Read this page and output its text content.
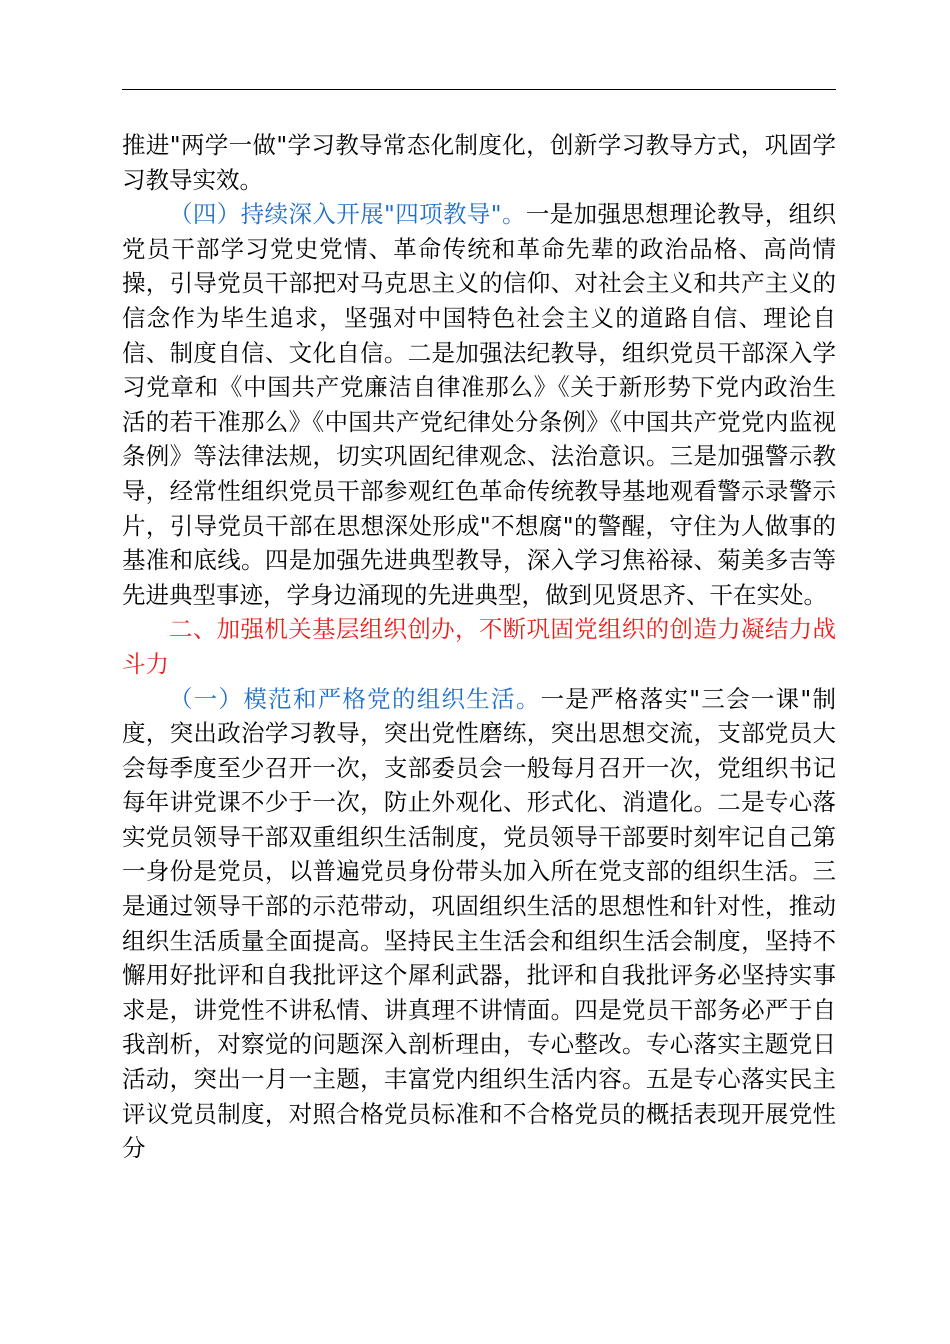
推进"两学一做"学习教导常态化制度化，创新学习教导方式，巩固学习教导实效。

（四）持续深入开展"四项教导"。一是加强思想理论教导，组织党员干部学习党史党情、革命传统和革命先辈的政治品格、高尚情操，引导党员干部把对马克思主义的信仰、对社会主义和共产主义的信念作为毕生追求，坚强对中国特色社会主义的道路自信、理论自信、制度自信、文化自信。二是加强法纪教导，组织党员干部深入学习党章和《中国共产党廉洁自律准那么》《关于新形势下党内政治生活的若干准那么》《中国共产党纪律处分条例》《中国共产党党内监视条例》等法律法规，切实巩固纪律观念、法治意识。三是加强警示教导，经常性组织党员干部参观红色革命传统教导基地观看警示录警示片，引导党员干部在思想深处形成"不想腐"的警醒，守住为人做事的基准和底线。四是加强先进典型教导，深入学习焦裕禄、菊美多吉等先进典型事迹，学身边涌现的先进典型，做到见贤思齐、干在实处。

二、加强机关基层组织创办，不断巩固党组织的创造力凝结力战斗力

（一）模范和严格党的组织生活。一是严格落实"三会一课"制度，突出政治学习教导，突出党性磨练，突出思想交流，支部党员大会每季度至少召开一次，支部委员会一般每月召开一次，党组织书记每年讲党课不少于一次，防止外观化、形式化、消遣化。二是专心落实党员领导干部双重组织生活制度，党员领导干部要时刻牢记自己第一身份是党员，以普遍党员身份带头加入所在党支部的组织生活。三是通过领导干部的示范带动，巩固组织生活的思想性和针对性，推动组织生活质量全面提高。坚持民主生活会和组织生活会制度，坚持不懈用好批评和自我批评这个犀利武器，批评和自我批评务必坚持实事求是，讲党性不讲私情、讲真理不讲情面。四是党员干部务必严于自我剖析，对察觉的问题深入剖析理由，专心整改。专心落实主题党日活动，突出一月一主题，丰富党内组织生活内容。五是专心落实民主评议党员制度，对照合格党员标准和不合格党员的概括表现开展党性分
